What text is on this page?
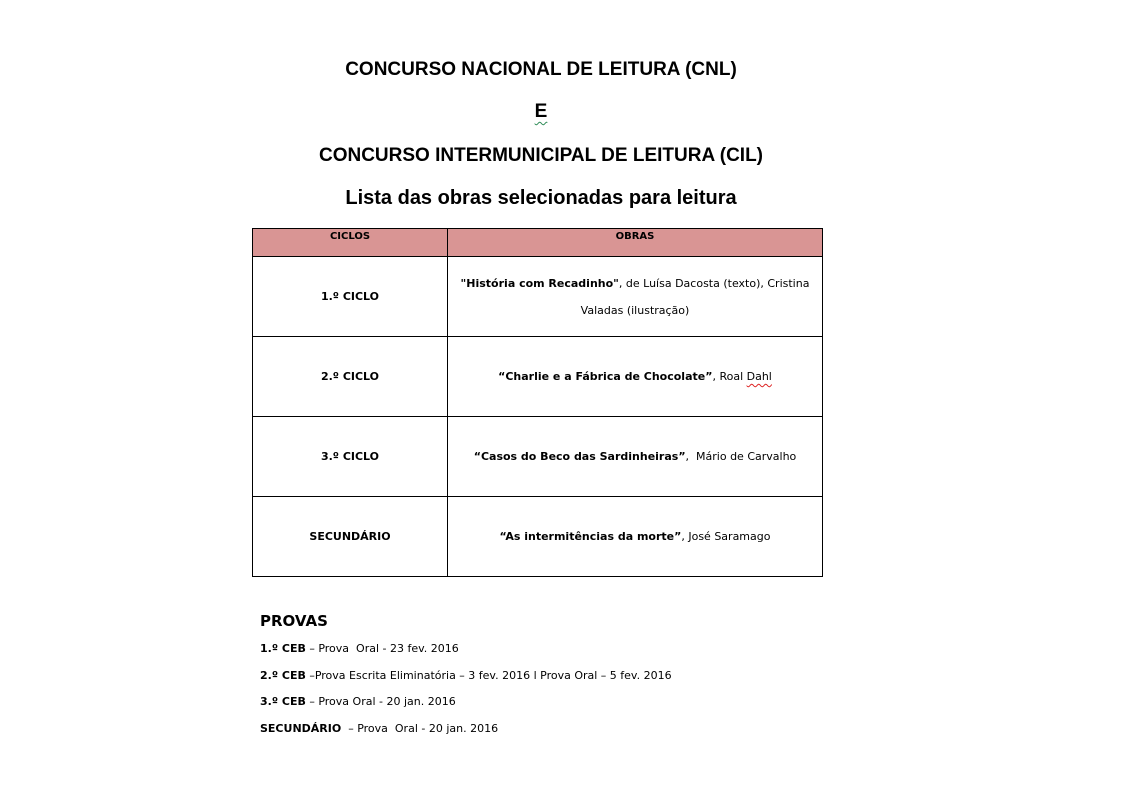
CONCURSO NACIONAL DE LEITURA (CNL)
E
CONCURSO INTERMUNICIPAL DE LEITURA (CIL)
Lista das obras selecionadas para leitura
CICLOS	OBRAS
1.º CICLO	"História com Recadinho", de Luísa Dacosta (texto), Cristina Valadas (ilustração)
2.º CICLO	“Charlie e a Fábrica de Chocolate”, Roal Dahl
3.º CICLO	“Casos do Beco das Sardinheiras”,  Mário de Carvalho
SECUNDÁRIO	“As intermitências da morte”, José Saramago
PROVAS

1.º CEB – Prova  Oral - 23 fev. 2016

2.º CEB –Prova Escrita Eliminatória – 3 fev. 2016 l Prova Oral – 5 fev. 2016

3.º CEB – Prova Oral - 20 jan. 2016

SECUNDÁRIO  – Prova  Oral - 20 jan. 2016
